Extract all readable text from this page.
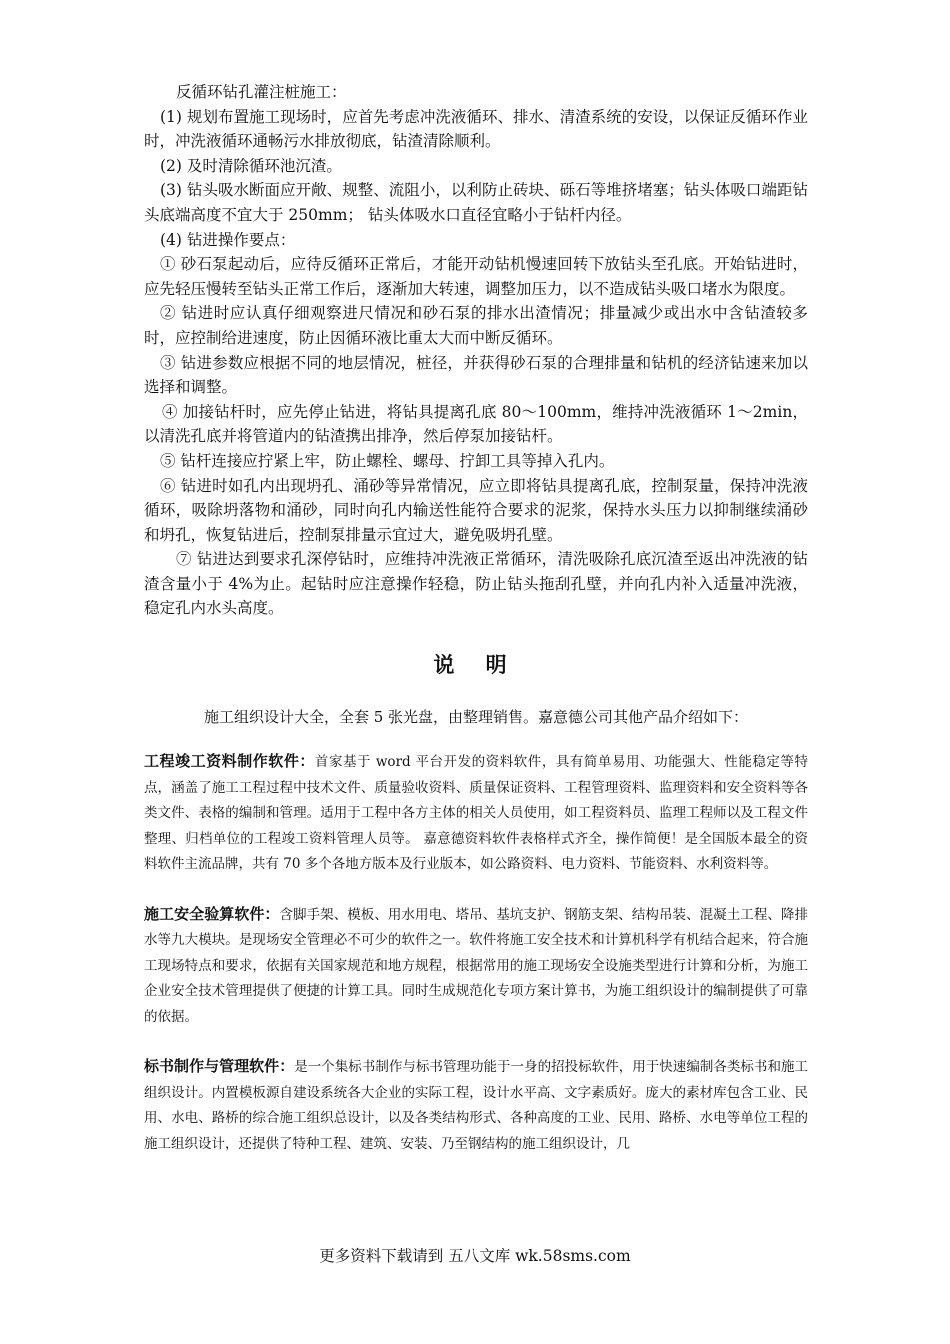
反循环钻孔灌注桩施工：

(1) 规划布置施工现场时，应首先考虑冲洗液循环、排水、清渣系统的安设，以保证反循环作业时，冲洗液循环通畅污水排放彻底，钻渣清除顺利。

(2) 及时清除循环池沉渣。

(3) 钻头吸水断面应开敞、规整、流阻小，以利防止砖块、砾石等堆挤堵塞；钻头体吸口端距钻头底端高度不宜大于 250mm； 钻头体吸水口直径宜略小于钻杆内径。

(4) 钻进操作要点：

① 砂石泵起动后，应待反循环正常后，才能开动钻机慢速回转下放钻头至孔底。开始钻进时，应先轻压慢转至钻头正常工作后，逐渐加大转速，调整加压力，以不造成钻头吸口堵水为限度。

② 钻进时应认真仔细观察进尺情况和砂石泵的排水出渣情况；排量减少或出水中含钻渣较多时，应控制给进速度，防止因循环液比重太大而中断反循环。

③ 钻进参数应根据不同的地层情况，桩径，并获得砂石泵的合理排量和钻机的经济钻速来加以选择和调整。

④ 加接钻杆时，应先停止钻进，将钻具提离孔底 80～100mm，维持冲洗液循环 1～2min，以清洗孔底并将管道内的钻渣携出排净，然后停泵加接钻杆。

⑤ 钻杆连接应拧紧上牢，防止螺栓、螺母、拧卸工具等掉入孔内。

⑥ 钻进时如孔内出现坍孔、涌砂等异常情况，应立即将钻具提离孔底，控制泵量，保持冲洗液循环，吸除坍落物和涌砂，同时向孔内输送性能符合要求的泥浆，保持水头压力以抑制继续涌砂和坍孔，恢复钻进后，控制泵排量示宜过大，避免吸坍孔壁。

⑦ 钻进达到要求孔深停钻时，应维持冲洗液正常循环，清洗吸除孔底沉渣至返出冲洗液的钻渣含量小于 4%为止。起钻时应注意操作轻稳，防止钻头拖刮孔壁，并向孔内补入适量冲洗液，稳定孔内水头高度。

说 明

施工组织设计大全，全套 5 张光盘，由整理销售。嘉意德公司其他产品介绍如下：

工程竣工资料制作软件：首家基于 word 平台开发的资料软件，具有简单易用、功能强大、性能稳定等特点，涵盖了施工工程过程中技术文件、质量验收资料、质量保证资料、工程管理资料、监理资料和安全资料等各类文件、表格的编制和管理。适用于工程中各方主体的相关人员使用，如工程资料员、监理工程师以及工程文件整理、归档单位的工程竣工资料管理人员等。 嘉意德资料软件表格样式齐全，操作简便！是全国版本最全的资料软件主流品牌，共有 70 多个各地方版本及行业版本，如公路资料、电力资料、节能资料、水利资料等。

施工安全验算软件：含脚手架、模板、用水用电、塔吊、基坑支护、钢筋支架、结构吊装、混凝土工程、降排水等九大模块。是现场安全管理必不可少的软件之一。软件将施工安全技术和计算机科学有机结合起来，符合施工现场特点和要求，依据有关国家规范和地方规程，根据常用的施工现场安全设施类型进行计算和分析，为施工企业安全技术管理提供了便捷的计算工具。同时生成规范化专项方案计算书，为施工组织设计的编制提供了可靠的依据。

标书制作与管理软件：是一个集标书制作与标书管理功能于一身的招投标软件，用于快速编制各类标书和施工组织设计。内置模板源自建设系统各大企业的实际工程，设计水平高、文字素质好。庞大的素材库包含工业、民用、水电、路桥的综合施工组织总设计，以及各类结构形式、各种高度的工业、民用、路桥、水电等单位工程的施工组织设计，还提供了特种工程、建筑、安装、乃至钢结构的施工组织设计，几

更多资料下载请到 五八文库 wk.58sms.com
